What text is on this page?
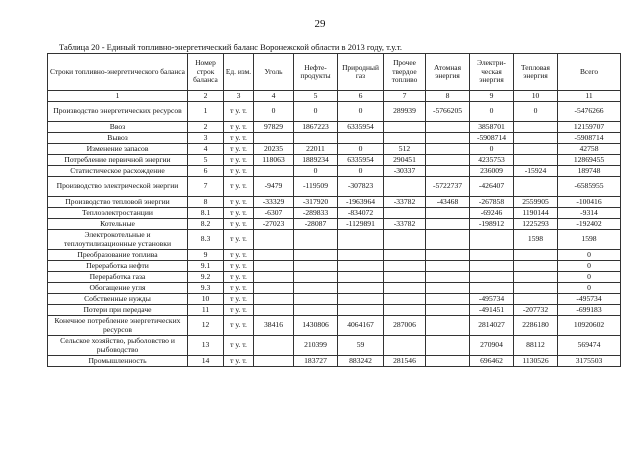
29
Таблица 20 - Единый топливно-энергетический баланс Воронежской области в 2013 году, т.у.т.
Строки топливно-энергетического баланса	Номер строк баланса	Ед. изм.	Уголь	Нефте-продукты	Природный газ	Прочее твердое топливо	Атомная энергия	Электри-ческая энергия	Тепловая энергия	Всего
1	2	3	4	5	6	7	8	9	10	11
Производство энергетических ресурсов	1	т у. т.	0	0	0	289939	-5766205	0	0	-5476266
Ввоз	2	т у. т.	97829	1867223	6335954			3858701		12159707
Вывоз	3	т у. т.						-5908714		-5908714
Изменение запасов	4	т у. т.	20235	22011	0	512		0		42758
Потребление первичной энергии	5	т у. т.	118063	1889234	6335954	290451		4235753		12869455
Статистическое расхождение	6	т у. т.		0	0	-30337		236009	-15924	189748
Производство электрической энергии	7	т у. т.	-9479	-119509	-307823		-5722737	-426407		-6585955
Производство тепловой энергии	8	т у. т.	-33329	-317920	-1963964	-33782	-43468	-267858	2559905	-100416
Теплоэлектростанции	8.1	т у. т.	-6307	-289833	-834072			-69246	1190144	-9314
Котельные	8.2	т у. т.	-27023	-28087	-1129891	-33782		-198912	1225293	-192402
Электрокотельные и теплоутилизационные установки	8.3	т у. т.							1598	1598
Преобразование топлива	9	т у. т.								0
Переработка нефти	9.1	т у. т.								0
Переработка газа	9.2	т у. т.								0
Обогащение угля	9.3	т у. т.								0
Собственные нужды	10	т у. т.						-495734		-495734
Потери при передаче	11	т у. т.						-491451	-207732	-699183
Конечное потребление энергетических ресурсов	12	т у. т.	38416	1430806	4064167	287006		2814027	2286180	10920602
Сельское хозяйство, рыболовство и рыбоводство	13	т у. т.		210399	59			270904	88112	569474
Промышленность	14	т у. т.		183727	883242	281546		696462	1130526	3175503
